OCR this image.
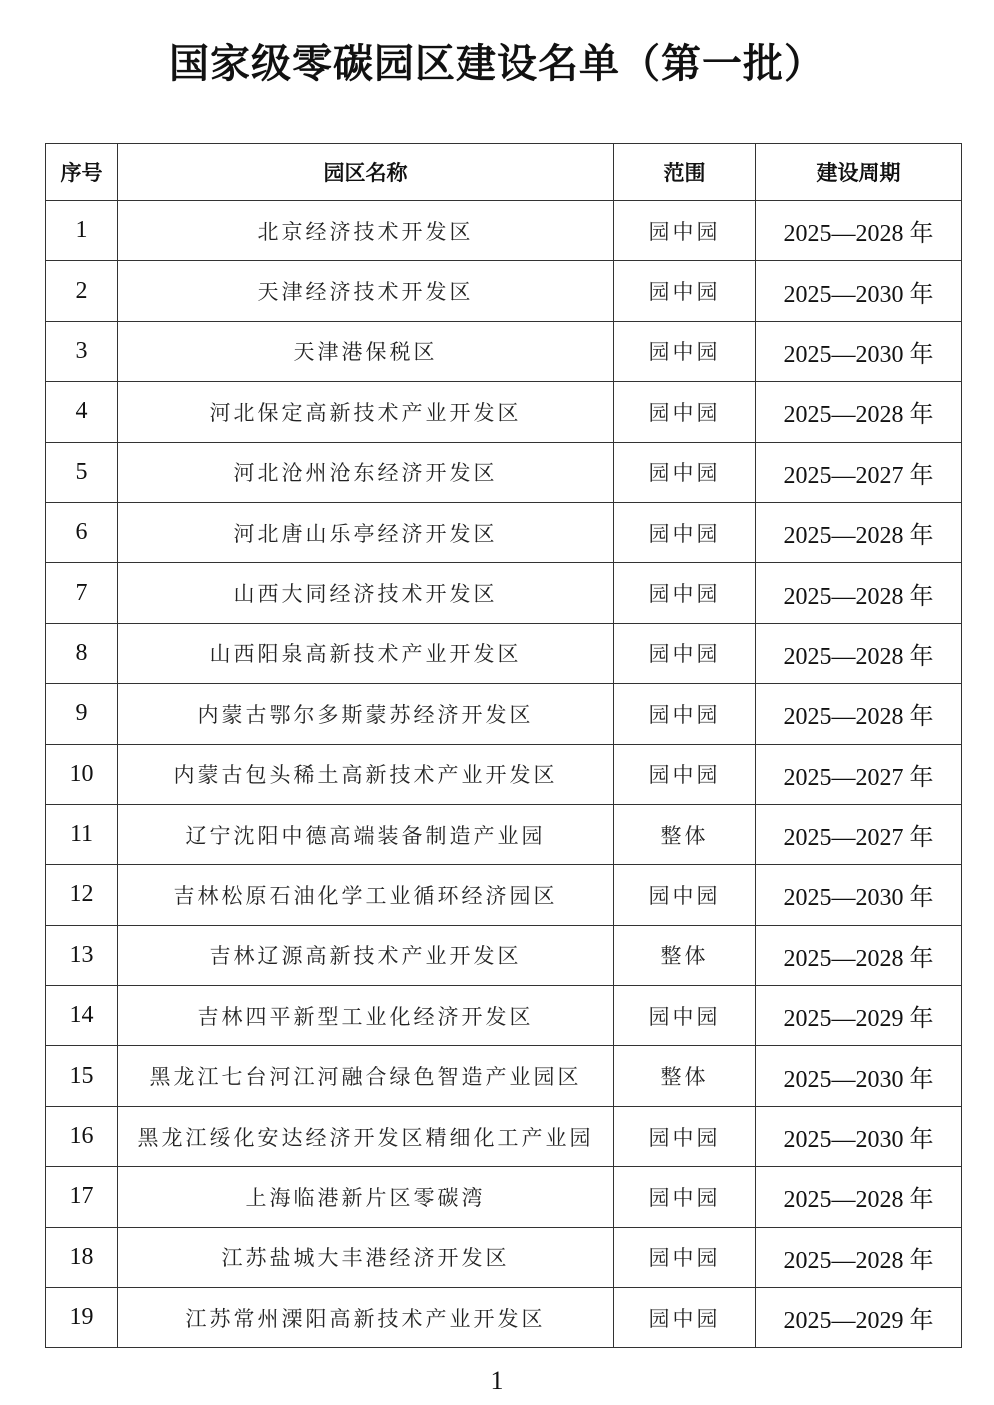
国家级零碳园区建设名单（第一批）
序号	园区名称	范围	建设周期
1	北京经济技术开发区	园中园	2025—2028 年
2	天津经济技术开发区	园中园	2025—2030 年
3	天津港保税区	园中园	2025—2030 年
4	河北保定高新技术产业开发区	园中园	2025—2028 年
5	河北沧州沧东经济开发区	园中园	2025—2027 年
6	河北唐山乐亭经济开发区	园中园	2025—2028 年
7	山西大同经济技术开发区	园中园	2025—2028 年
8	山西阳泉高新技术产业开发区	园中园	2025—2028 年
9	内蒙古鄂尔多斯蒙苏经济开发区	园中园	2025—2028 年
10	内蒙古包头稀土高新技术产业开发区	园中园	2025—2027 年
11	辽宁沈阳中德高端装备制造产业园	整体	2025—2027 年
12	吉林松原石油化学工业循环经济园区	园中园	2025—2030 年
13	吉林辽源高新技术产业开发区	整体	2025—2028 年
14	吉林四平新型工业化经济开发区	园中园	2025—2029 年
15	黑龙江七台河江河融合绿色智造产业园区	整体	2025—2030 年
16	黑龙江绥化安达经济开发区精细化工产业园	园中园	2025—2030 年
17	上海临港新片区零碳湾	园中园	2025—2028 年
18	江苏盐城大丰港经济开发区	园中园	2025—2028 年
19	江苏常州溧阳高新技术产业开发区	园中园	2025—2029 年
1
